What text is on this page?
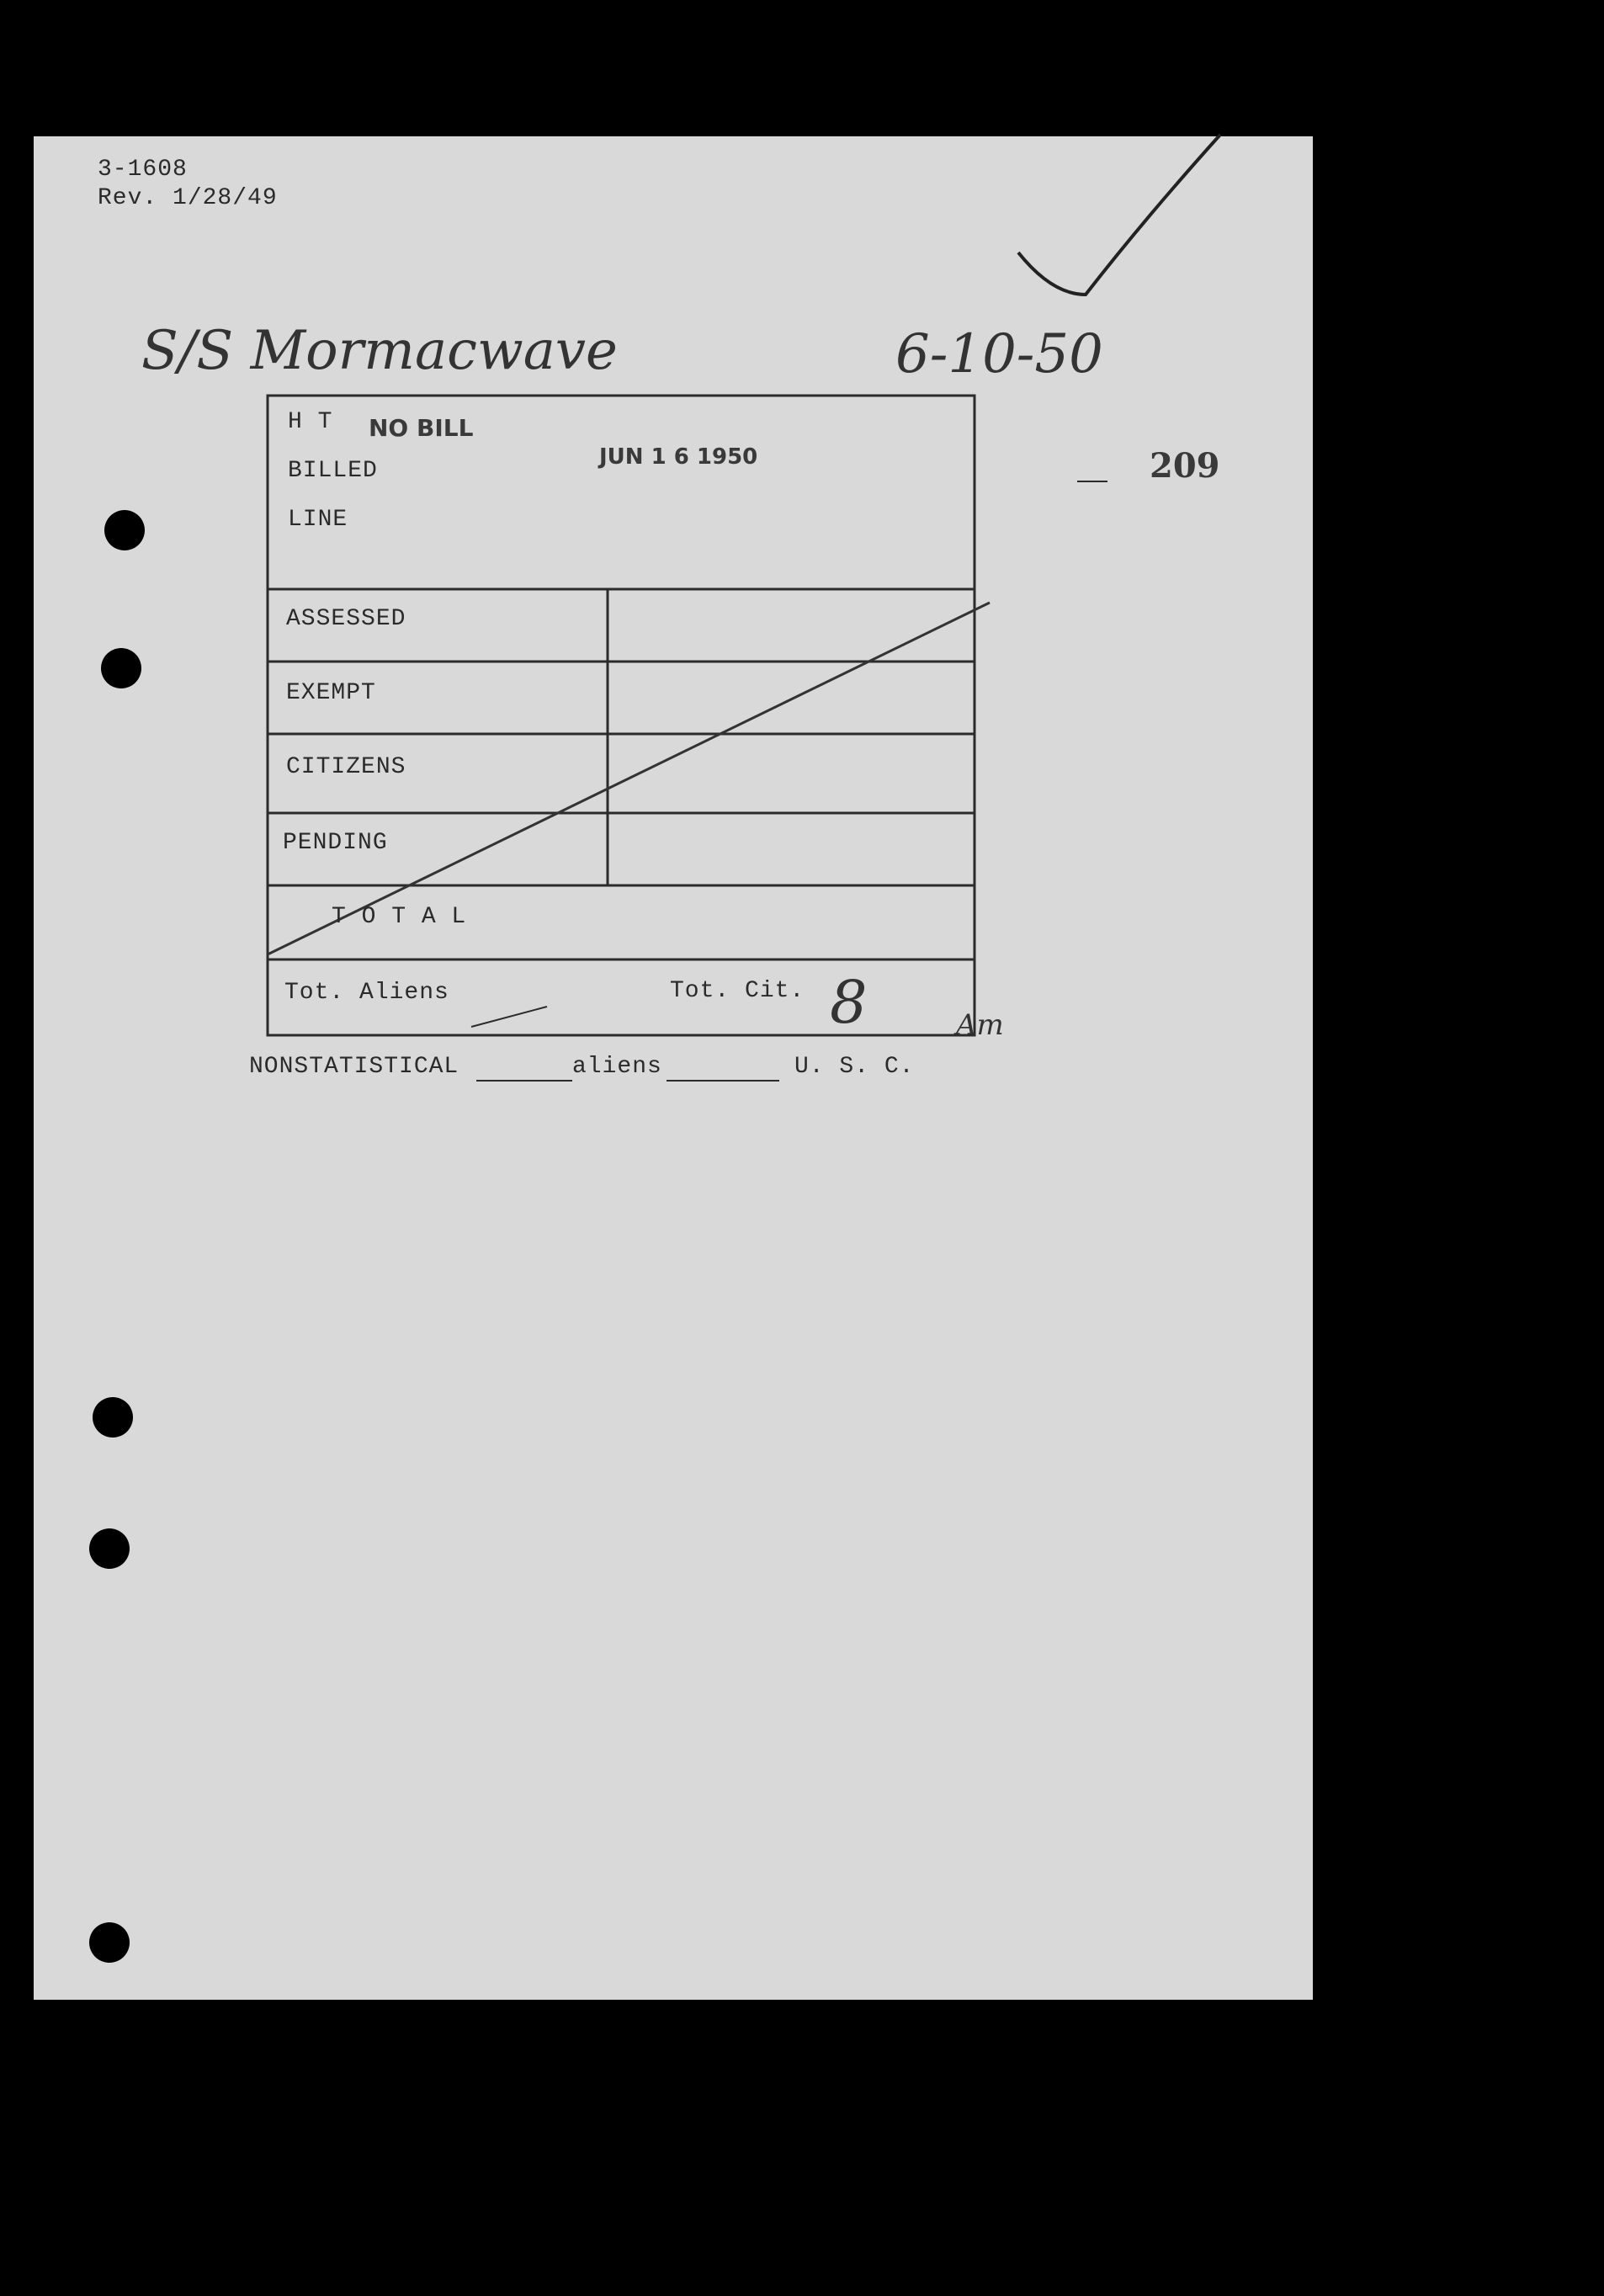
3-1608
Rev. 1/28/49
S/S Mormacwave	6-10-50
8	Am
NO BILL
JUN 1 6 1950	209
H T
BILLED
LINE
ASSESSED
EXEMPT
CITIZENS
PENDING
T O T A L
Tot. Aliens	Tot. Cit.
NONSTATISTICAL	aliens	U. S. C.
